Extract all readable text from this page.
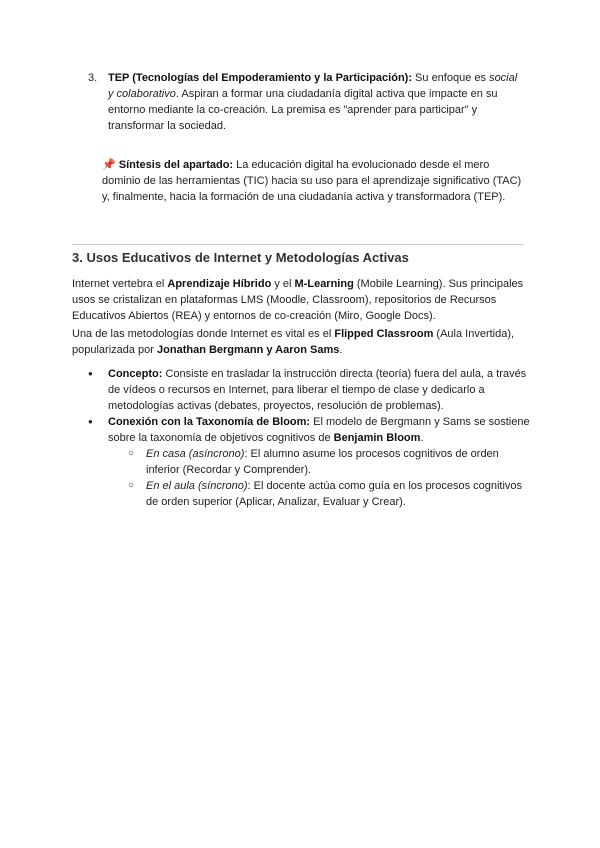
3. TEP (Tecnologías del Empoderamiento y la Participación): Su enfoque es social y colaborativo. Aspiran a formar una ciudadanía digital activa que impacte en su entorno mediante la co-creación. La premisa es "aprender para participar" y transformar la sociedad.
📌 Síntesis del apartado: La educación digital ha evolucionado desde el mero dominio de las herramientas (TIC) hacia su uso para el aprendizaje significativo (TAC) y, finalmente, hacia la formación de una ciudadanía activa y transformadora (TEP).
3. Usos Educativos de Internet y Metodologías Activas
Internet vertebra el Aprendizaje Híbrido y el M-Learning (Mobile Learning). Sus principales usos se cristalizan en plataformas LMS (Moodle, Classroom), repositorios de Recursos Educativos Abiertos (REA) y entornos de co-creación (Miro, Google Docs).
Una de las metodologías donde Internet es vital es el Flipped Classroom (Aula Invertida), popularizada por Jonathan Bergmann y Aaron Sams.
● Concepto: Consiste en trasladar la instrucción directa (teoría) fuera del aula, a través de vídeos o recursos en Internet, para liberar el tiempo de clase y dedicarlo a metodologías activas (debates, proyectos, resolución de problemas).
● Conexión con la Taxonomía de Bloom: El modelo de Bergmann y Sams se sostiene sobre la taxonomía de objetivos cognitivos de Benjamin Bloom.
○ En casa (asíncrono): El alumno asume los procesos cognitivos de orden inferior (Recordar y Comprender).
○ En el aula (síncrono): El docente actúa como guía en los procesos cognitivos de orden superior (Aplicar, Analizar, Evaluar y Crear).
